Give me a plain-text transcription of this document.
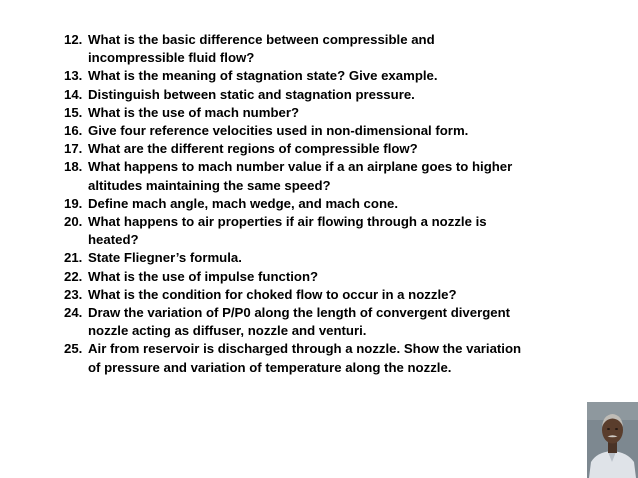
12. What is the basic difference between compressible and
incompressible fluid flow?
13. What is the meaning of stagnation state? Give example.
14. Distinguish between static and stagnation pressure.
15. What is the use of mach number?
16. Give four reference velocities used in non-dimensional form.
17. What are the different regions of compressible flow?
18. What happens to mach number value if a an airplane goes to higher
altitudes maintaining the same speed?
19. Define mach angle, mach wedge, and mach cone.
20. What happens to air properties if air flowing through a nozzle is
heated?
21. State Fliegner’s formula.
22. What is the use of impulse function?
23. What is the condition for choked flow to occur in a nozzle?
24. Draw the variation of P/P0 along the length of convergent divergent
nozzle acting as diffuser, nozzle and venturi.
25. Air from reservoir is discharged through a nozzle. Show the variation
of pressure and variation of temperature along the nozzle.
